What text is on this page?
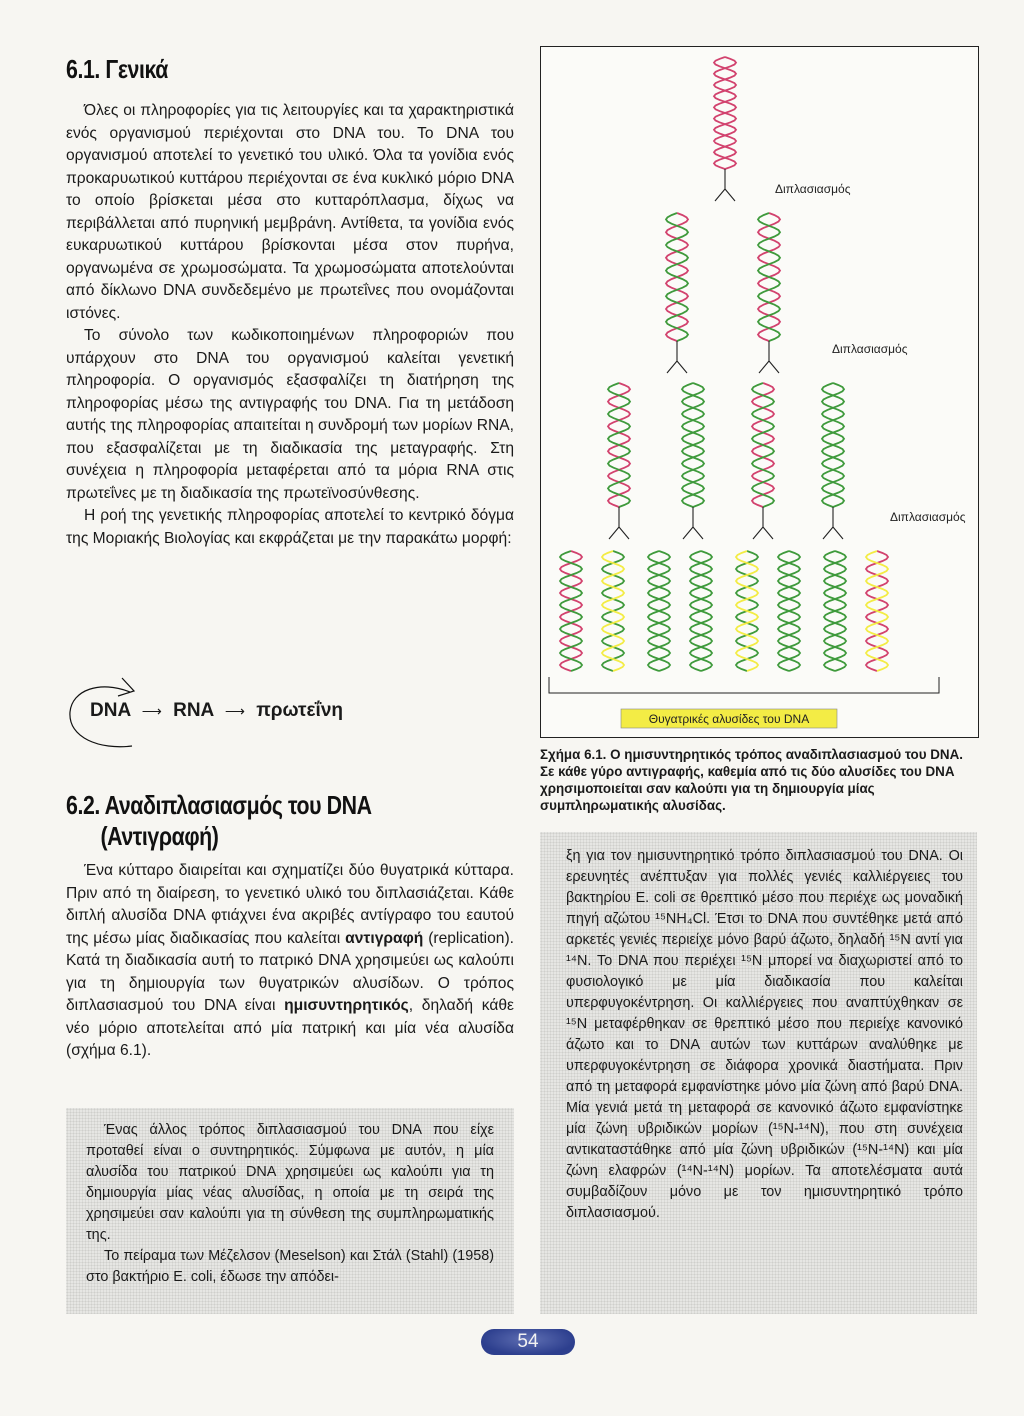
6.1. Γενικά

Όλες οι πληροφορίες για τις λειτουργίες και τα χαρακτηριστικά ενός οργανισμού περιέχονται στο DNA του. Το DNA του οργανισμού αποτελεί το γενετικό του υλικό. Όλα τα γονίδια ενός προκαρυωτικού κυττάρου περιέχονται σε ένα κυκλικό μόριο DNA το οποίο βρίσκεται μέσα στο κυτταρόπλασμα, δίχως να περιβάλλεται από πυρηνική μεμβράνη. Αντίθετα, τα γονίδια ενός ευκαρυωτικού κυττάρου βρίσκονται μέσα στον πυρήνα, οργανωμένα σε χρωμοσώματα. Τα χρωμοσώματα αποτελούνται από δίκλωνο DNA συνδεδεμένο με πρωτεΐνες που ονομάζονται ιστόνες.

Το σύνολο των κωδικοποιημένων πληροφοριών που υπάρχουν στο DNA του οργανισμού καλείται γενετική πληροφορία. Ο οργανισμός εξασφαλίζει τη διατήρηση της πληροφορίας μέσω της αντιγραφής του DNA. Για τη μετάδοση αυτής της πληροφορίας απαιτείται η συνδρομή των μορίων RNA, που εξασφαλίζεται με τη διαδικασία της μεταγραφής. Στη συνέχεια η πληροφορία μεταφέρεται από τα μόρια RNA στις πρωτεΐνες με τη διαδικασία της πρωτεϊνοσύνθεσης.

Η ροή της γενετικής πληροφορίας αποτελεί το κεντρικό δόγμα της Μοριακής Βιολογίας και εκφράζεται με την παρακάτω μορφή:

DNA ⟶ RNA ⟶ πρωτεΐνη
6.2. Αναδιπλασιασμός του DNA
(Αντιγραφή)

Ένα κύτταρο διαιρείται και σχηματίζει δύο θυγατρικά κύτταρα. Πριν από τη διαίρεση, το γενετικό υλικό του διπλασιάζεται. Κάθε διπλή αλυσίδα DNA φτιάχνει ένα ακριβές αντίγραφο του εαυτού της μέσω μίας διαδικασίας που καλείται αντιγραφή (replication). Κατά τη διαδικασία αυτή το πατρικό DNA χρησιμεύει ως καλούπι για τη δημιουργία των θυγατρικών αλυσίδων. Ο τρόπος διπλασιασμού του DNA είναι ημισυντηρητικός, δηλαδή κάθε νέο μόριο αποτελείται από μία πατρική και μία νέα αλυσίδα (σχήμα 6.1).

Ένας άλλος τρόπος διπλασιασμού του DNA που είχε προταθεί είναι ο συντηρητικός. Σύμφωνα με αυτόν, η μία αλυσίδα του πατρικού DNA χρησιμεύει ως καλούπι για τη δημιουργία μίας νέας αλυσίδας, η οποία με τη σειρά της χρησιμεύει σαν καλούπι για τη σύνθεση της συμπληρωματικής της.

Το πείραμα των Μέζελσον (Meselson) και Στάλ (Stahl) (1958) στο βακτήριο E. coli, έδωσε την απόδει-

ξη για τον ημισυντηρητικό τρόπο διπλασιασμού του DNA. Οι ερευνητές ανέπτυξαν για πολλές γενιές καλλιέργειες του βακτηρίου E. coli σε θρεπτικό μέσο που περιέχε ως μοναδική πηγή αζώτου ¹⁵NH₄Cl. Έτσι το DNA που συντέθηκε μετά από αρκετές γενιές περιείχε μόνο βαρύ άζωτο, δηλαδή ¹⁵N αντί για ¹⁴N. Το DNA που περιέχει ¹⁵N μπορεί να διαχωριστεί από το φυσιολογικό με μία διαδικασία που καλείται υπερφυγοκέντρηση. Οι καλλιέργειες που αναπτύχθηκαν σε ¹⁵N μεταφέρθηκαν σε θρεπτικό μέσο που περιείχε κανονικό άζωτο και το DNA αυτών των κυττάρων αναλύθηκε με υπερφυγοκέντρηση σε διάφορα χρονικά διαστήματα. Πριν από τη μεταφορά εμφανίστηκε μόνο μία ζώνη από βαρύ DNA. Μία γενιά μετά τη μεταφορά σε κανονικό άζωτο εμφανίστηκε μία ζώνη υβριδικών μορίων (¹⁵N-¹⁴N), που στη συνέχεια αντικαταστάθηκε από μία ζώνη υβριδικών (¹⁵N-¹⁴N) και μία ζώνη ελαφρών (¹⁴N-¹⁴N) μορίων. Τα αποτελέσματα αυτά συμβαδίζουν μόνο με τον ημισυντηρητικό τρόπο διπλασιασμού.

Διπλασιασμός
Διπλασιασμός
Διπλασιασμός
Θυγατρικές αλυσίδες του DNA
Σχήμα 6.1. Ο ημισυντηρητικός τρόπος αναδιπλασιασμού του DNA. Σε κάθε γύρο αντιγραφής, καθεμία από τις δύο αλυσίδες του DNA χρησιμοποιείται σαν καλούπι για τη δημιουργία μίας συμπληρωματικής αλυσίδας.
54
